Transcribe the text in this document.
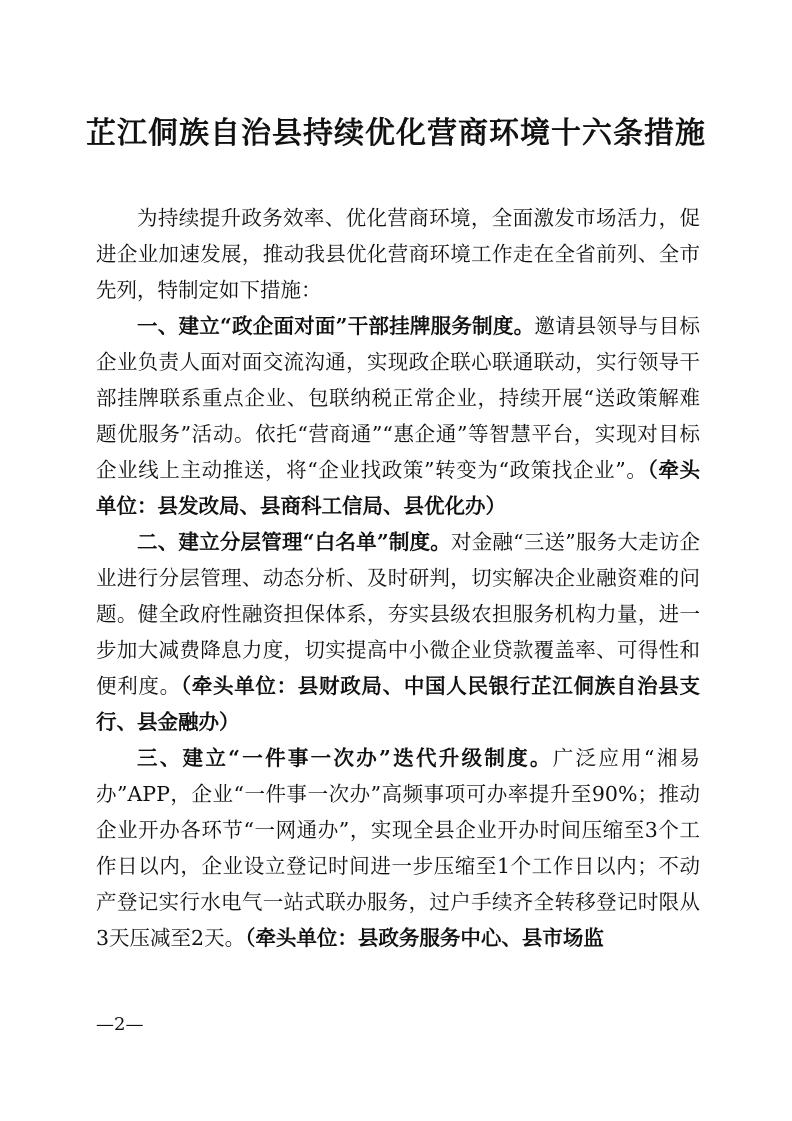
芷江侗族自治县持续优化营商环境十六条措施

为持续提升政务效率、优化营商环境，全面激发市场活力，促进企业加速发展，推动我县优化营商环境工作走在全省前列、全市先列，特制定如下措施：

一、建立“政企面对面”干部挂牌服务制度。邀请县领导与目标企业负责人面对面交流沟通，实现政企联心联通联动，实行领导干部挂牌联系重点企业、包联纳税正常企业，持续开展“送政策解难题优服务”活动。依托“营商通”“惠企通”等智慧平台，实现对目标企业线上主动推送，将“企业找政策”转变为“政策找企业”。（牵头单位：县发改局、县商科工信局、县优化办）

二、建立分层管理“白名单”制度。对金融“三送”服务大走访企业进行分层管理、动态分析、及时研判，切实解决企业融资难的问题。健全政府性融资担保体系，夯实县级农担服务机构力量，进一步加大减费降息力度，切实提高中小微企业贷款覆盖率、可得性和便利度。（牵头单位：县财政局、中国人民银行芷江侗族自治县支行、县金融办）

三、建立“一件事一次办”迭代升级制度。广泛应用“湘易办”APP，企业“一件事一次办”高频事项可办率提升至90%；推动企业开办各环节“一网通办”，实现全县企业开办时间压缩至3个工作日以内，企业设立登记时间进一步压缩至1个工作日以内；不动产登记实行水电气一站式联办服务，过户手续齐全转移登记时限从3天压减至2天。（牵头单位：县政务服务中心、县市场监

—2—
